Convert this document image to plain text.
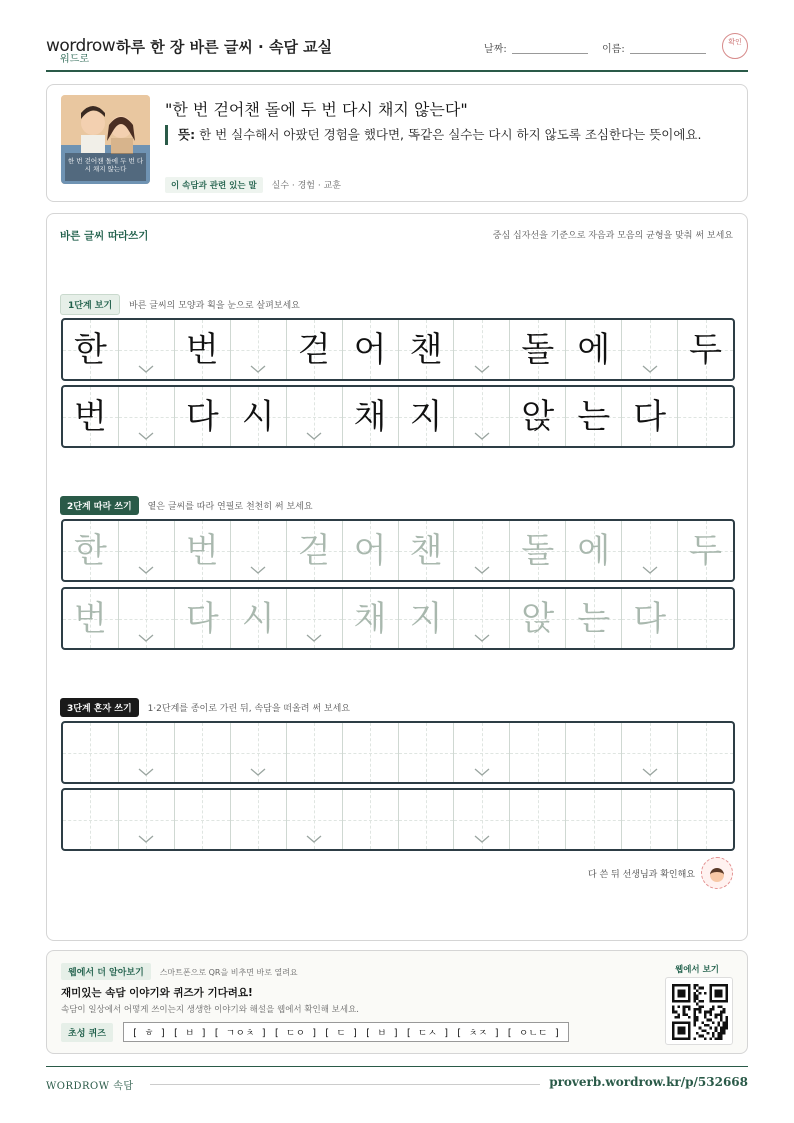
wordrow
워드로
하루 한 장 바른 글씨 · 속담 교실	날짜:	이름:
확인
한 번 걷어챈 돌에 두 번 다시 채지 않는다
"한 번 걷어챈 돌에 두 번 다시 채지 않는다"
뜻: 한 번 실수해서 아팠던 경험을 했다면, 똑같은 실수는 다시 하지 않도록 조심한다는 뜻이에요.
이 속담과 관련 있는 말 실수 · 경험 · 교훈
바른 글씨 따라쓰기	중심 십자선을 기준으로 자음과 모음의 균형을 맞춰 써 보세요
1단계 보기 바른 글씨의 모양과 획을 눈으로 살펴보세요
한 번 걷 어 챈 돌 에 두
번 다 시 채 지 앉 는 다
2단계 따라 쓰기 옅은 글씨를 따라 연필로 천천히 써 보세요
한 번 걷 어 챈 돌 에 두
번 다 시 채 지 앉 는 다
3단계 혼자 쓰기 1·2단계를 종이로 가린 뒤, 속담을 떠올려 써 보세요
다 쓴 뒤 선생님과 확인해요
웹에서 더 알아보기 스마트폰으로 QR을 비추면 바로 열려요
재미있는 속담 이야기와 퀴즈가 기다려요!
속담이 일상에서 어떻게 쓰이는지 생생한 이야기와 해설을 웹에서 확인해 보세요.
초성 퀴즈	[ ㅎ ] [ ㅂ ] [ ㄱㅇㅊ ] [ ㄷㅇ ] [ ㄷ ] [ ㅂ ] [ ㄷㅅ ] [ ㅊㅈ ] [ ㅇㄴㄷ ]
웹에서 보기
WORDROW 속담	proverb.wordrow.kr/p/532668
